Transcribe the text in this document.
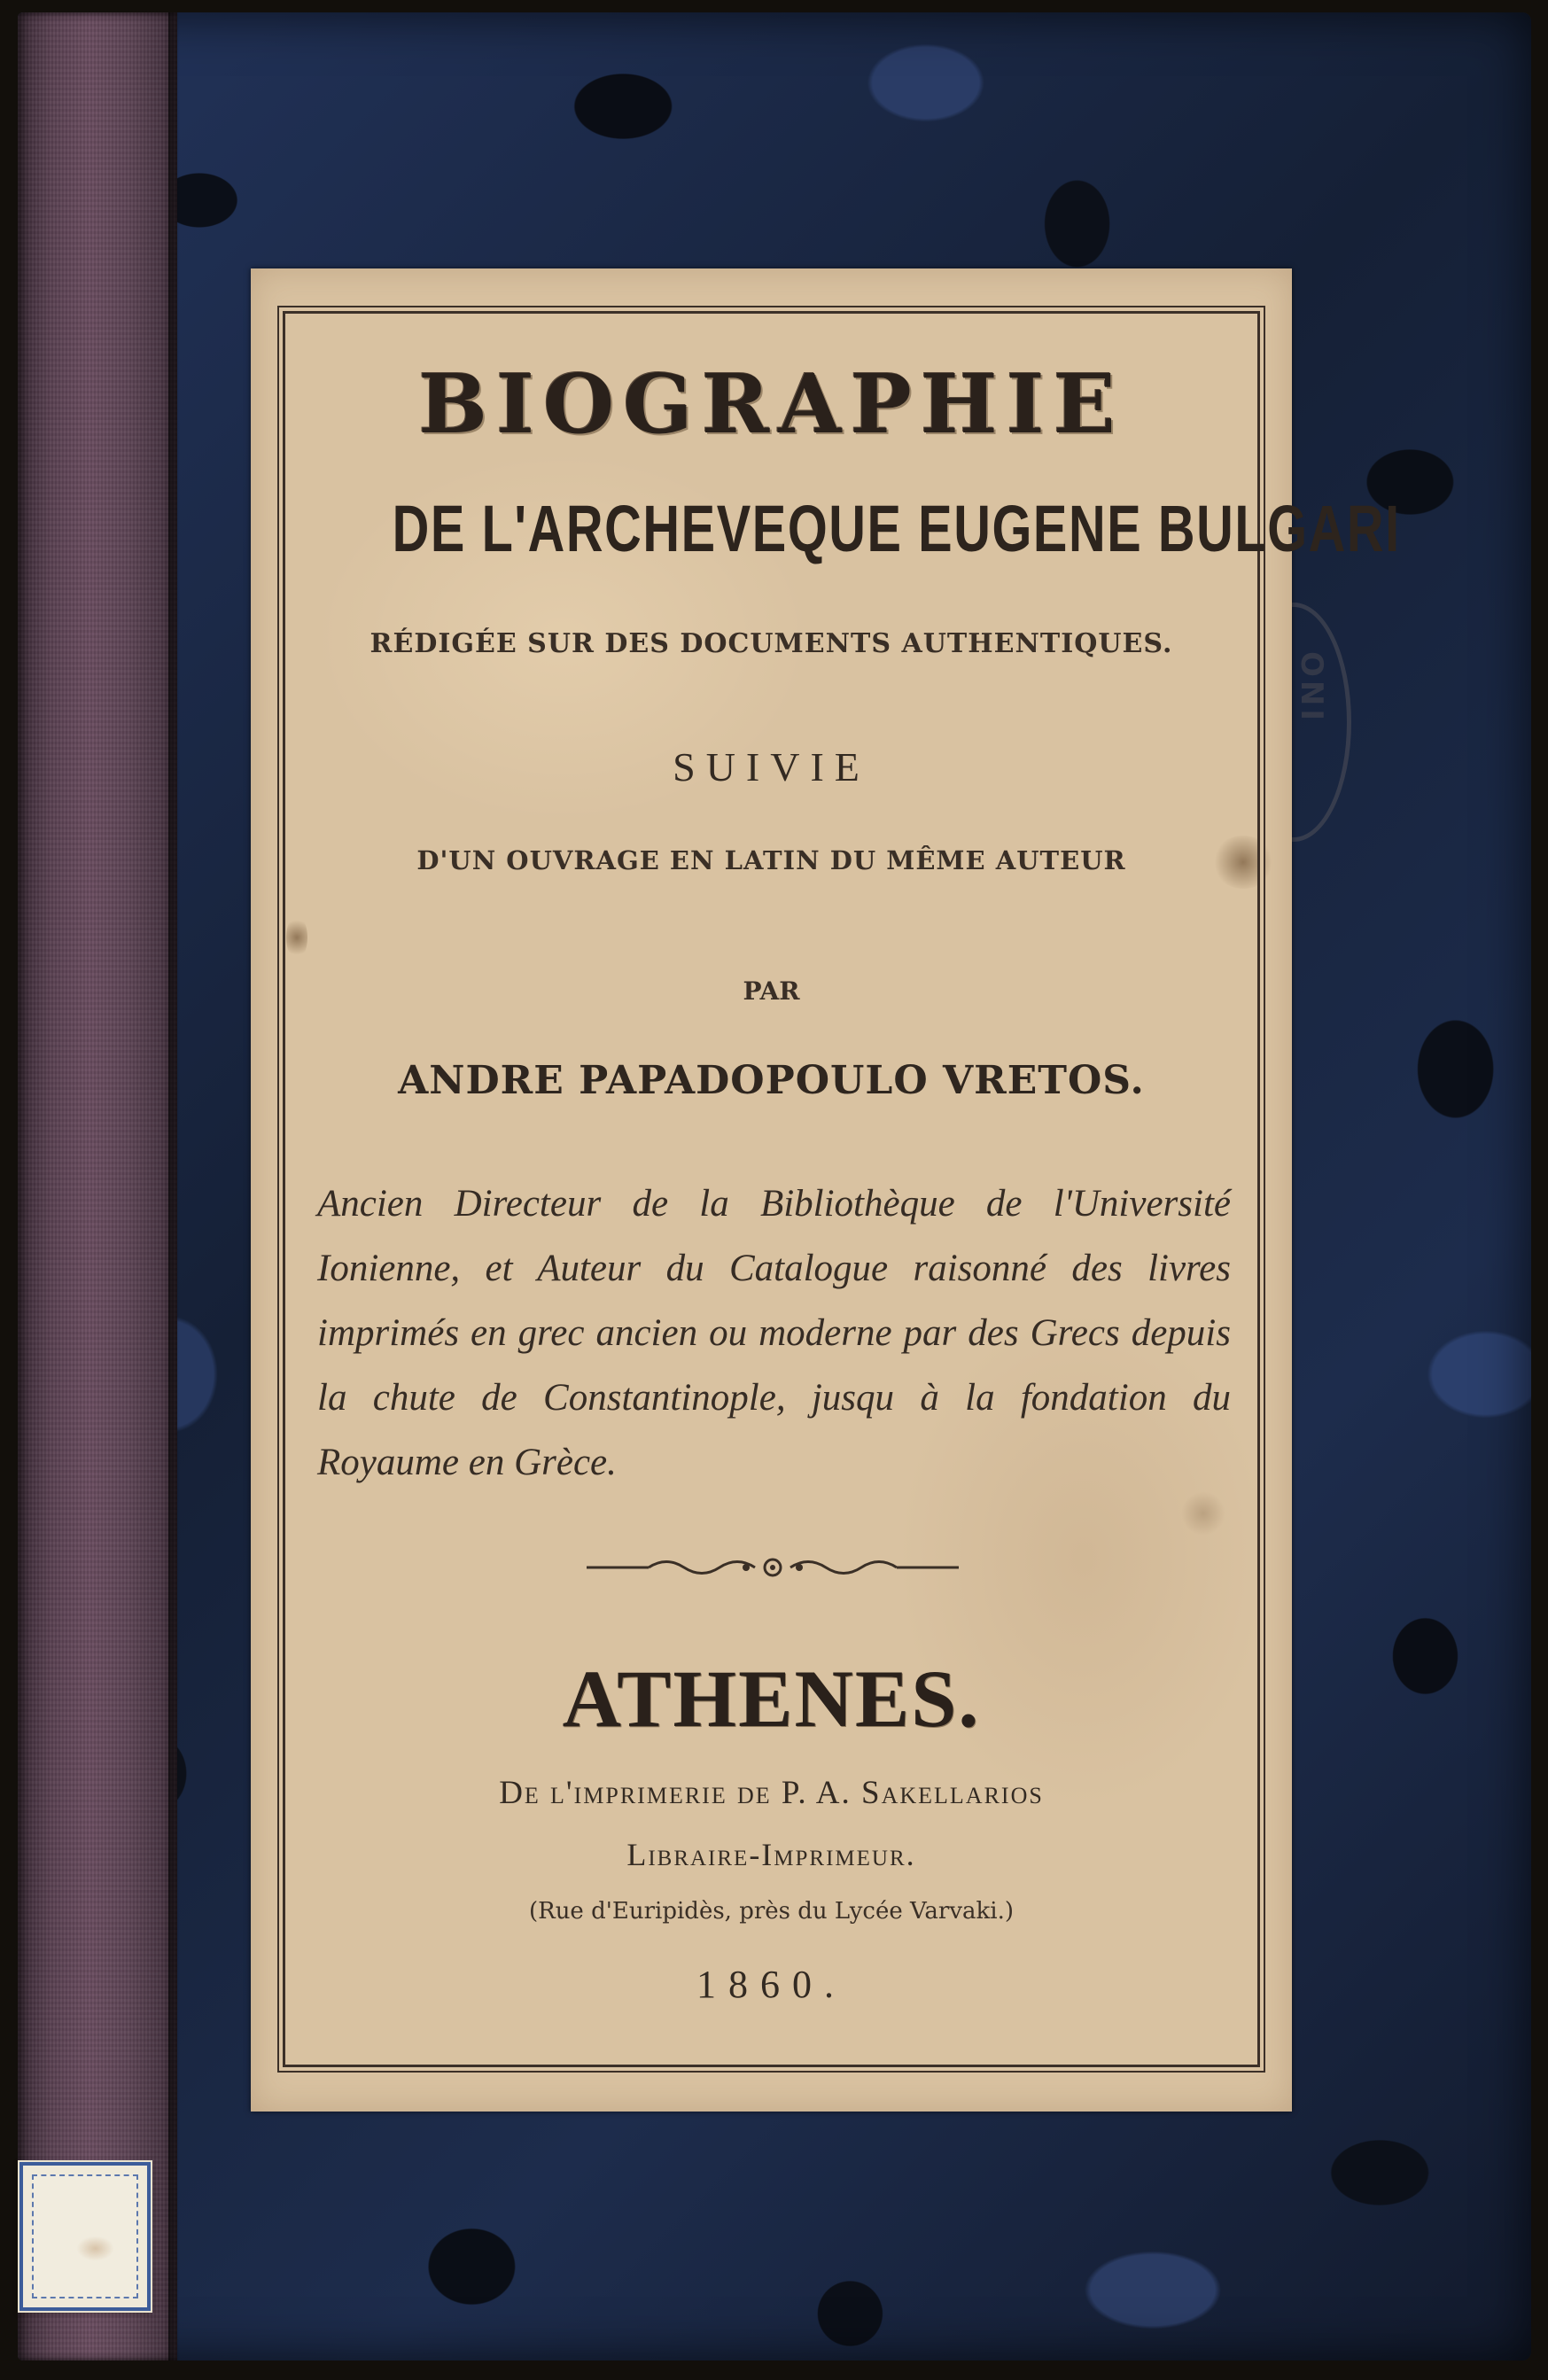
ONI
BIOGRAPHIE
DE L'ARCHEVEQUE EUGENE BULGARI
RÉDIGÉE SUR DES DOCUMENTS AUTHENTIQUES.
SUIVIE
D'UN OUVRAGE EN LATIN DU MÊME AUTEUR
PAR
ANDRE PAPADOPOULO VRETOS.
Ancien Directeur de la Bibliothèque de l'Université Ionienne, et Auteur du Catalogue raisonné des livres imprimés en grec ancien ou moderne par des Grecs depuis la chute de Constantinople, jusqu à la fondation du Royaume en Grèce.
ATHENES.
De l'imprimerie de P. A. Sakellarios
Libraire-Imprimeur.
(Rue d'Euripidès, près du Lycée Varvaki.)
1860.
